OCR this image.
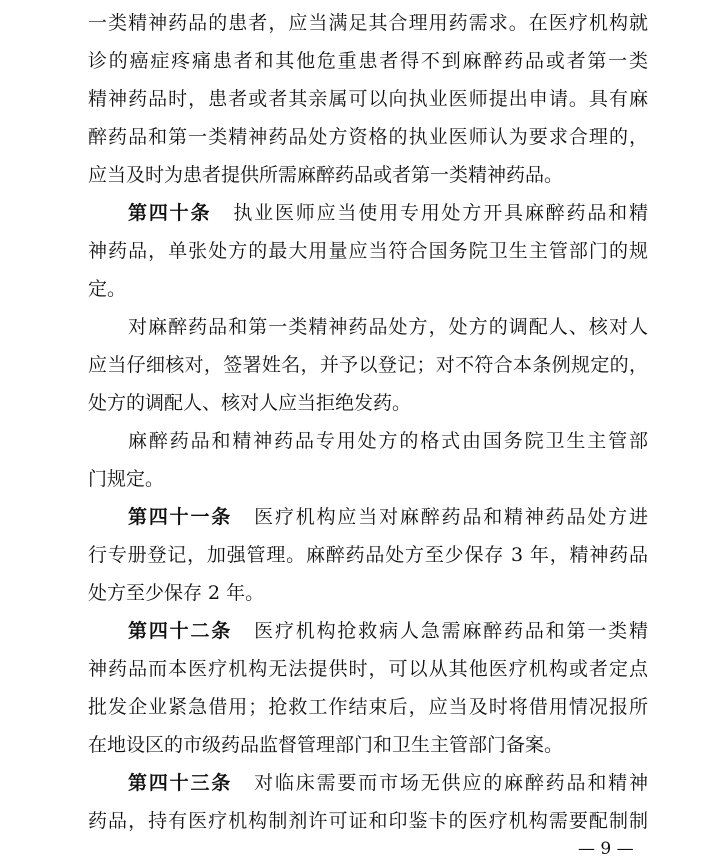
一类精神药品的患者，应当满足其合理用药需求。在医疗机构就
诊的癌症疼痛患者和其他危重患者得不到麻醉药品或者第一类
精神药品时，患者或者其亲属可以向执业医师提出申请。具有麻
醉药品和第一类精神药品处方资格的执业医师认为要求合理的，
应当及时为患者提供所需麻醉药品或者第一类精神药品。
第四十条 执业医师应当使用专用处方开具麻醉药品和精
神药品，单张处方的最大用量应当符合国务院卫生主管部门的规
定。
对麻醉药品和第一类精神药品处方，处方的调配人、核对人
应当仔细核对，签署姓名，并予以登记；对不符合本条例规定的，
处方的调配人、核对人应当拒绝发药。
麻醉药品和精神药品专用处方的格式由国务院卫生主管部
门规定。
第四十一条 医疗机构应当对麻醉药品和精神药品处方进
行专册登记，加强管理。麻醉药品处方至少保存 3 年，精神药品
处方至少保存 2 年。
第四十二条 医疗机构抢救病人急需麻醉药品和第一类精
神药品而本医疗机构无法提供时，可以从其他医疗机构或者定点
批发企业紧急借用；抢救工作结束后，应当及时将借用情况报所
在地设区的市级药品监督管理部门和卫生主管部门备案。
第四十三条 对临床需要而市场无供应的麻醉药品和精神
药品，持有医疗机构制剂许可证和印鉴卡的医疗机构需要配制制
— 9 —
